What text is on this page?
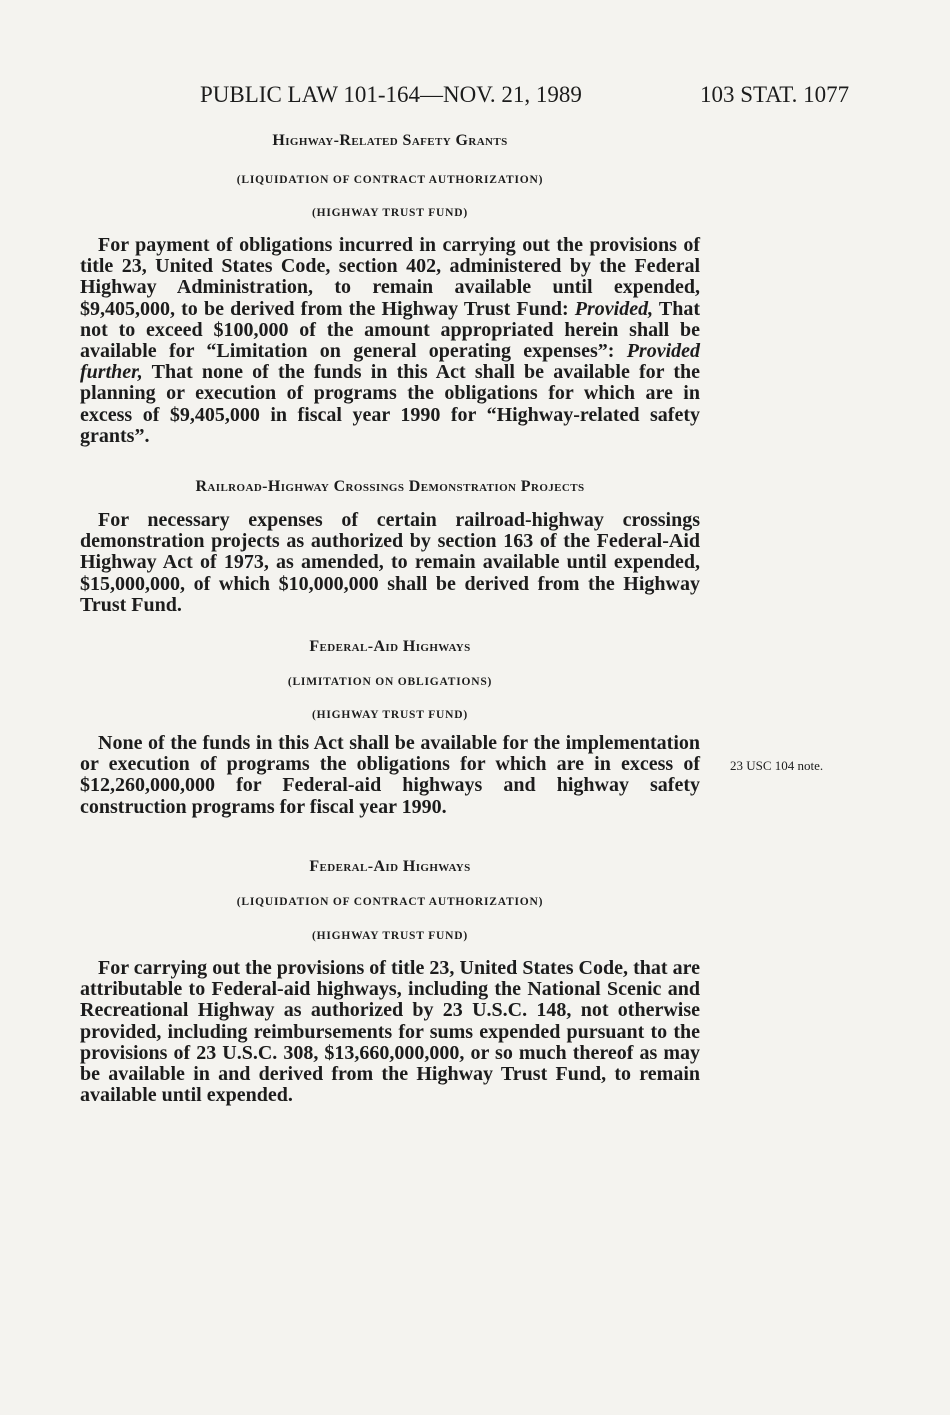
PUBLIC LAW 101-164—NOV. 21, 1989	103 STAT. 1077
Highway-Related Safety Grants
(LIQUIDATION OF CONTRACT AUTHORIZATION)
(HIGHWAY TRUST FUND)

For payment of obligations incurred in carrying out the provisions of title 23, United States Code, section 402, administered by the Federal Highway Administration, to remain available until expended, $9,405,000, to be derived from the Highway Trust Fund: Provided, That not to exceed $100,000 of the amount appropriated herein shall be available for “Limitation on general operating expenses”: Provided further, That none of the funds in this Act shall be available for the planning or execution of programs the obligations for which are in excess of $9,405,000 in fiscal year 1990 for “Highway-related safety grants”.

Railroad-Highway Crossings Demonstration Projects

For necessary expenses of certain railroad-highway crossings demonstration projects as authorized by section 163 of the Federal-Aid Highway Act of 1973, as amended, to remain available until expended, $15,000,000, of which $10,000,000 shall be derived from the Highway Trust Fund.

Federal-Aid Highways
(LIMITATION ON OBLIGATIONS)
(HIGHWAY TRUST FUND)

None of the funds in this Act shall be available for the implementation or execution of programs the obligations for which are in excess of $12,260,000,000 for Federal-aid highways and highway safety construction programs for fiscal year 1990.

Federal-Aid Highways
(LIQUIDATION OF CONTRACT AUTHORIZATION)
(HIGHWAY TRUST FUND)

For carrying out the provisions of title 23, United States Code, that are attributable to Federal-aid highways, including the National Scenic and Recreational Highway as authorized by 23 U.S.C. 148, not otherwise provided, including reimbursements for sums expended pursuant to the provisions of 23 U.S.C. 308, $13,660,000,000, or so much thereof as may be available in and derived from the Highway Trust Fund, to remain available until expended.

23 USC 104 note.
